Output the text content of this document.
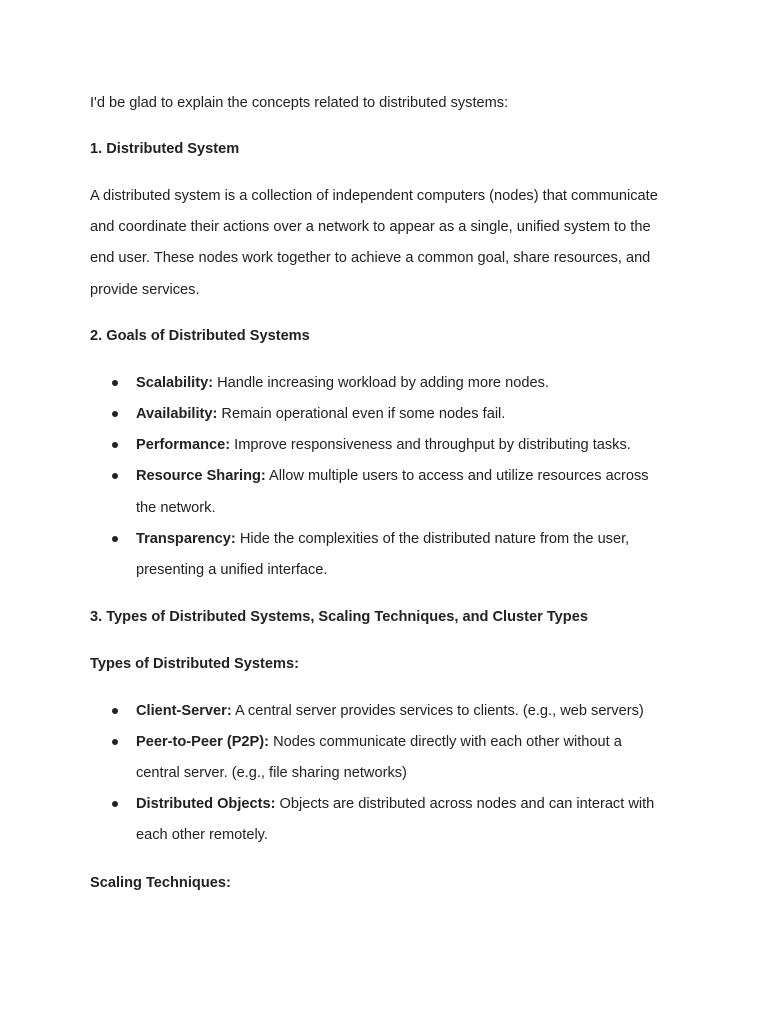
I'd be glad to explain the concepts related to distributed systems:
1. Distributed System
A distributed system is a collection of independent computers (nodes) that communicate
and coordinate their actions over a network to appear as a single, unified system to the
end user. These nodes work together to achieve a common goal, share resources, and
provide services.
2. Goals of Distributed Systems
Scalability: Handle increasing workload by adding more nodes.
Availability: Remain operational even if some nodes fail.
Performance: Improve responsiveness and throughput by distributing tasks.
Resource Sharing: Allow multiple users to access and utilize resources across
the network.
Transparency: Hide the complexities of the distributed nature from the user,
presenting a unified interface.
3. Types of Distributed Systems, Scaling Techniques, and Cluster Types
Types of Distributed Systems:
Client-Server: A central server provides services to clients. (e.g., web servers)
Peer-to-Peer (P2P): Nodes communicate directly with each other without a
central server. (e.g., file sharing networks)
Distributed Objects: Objects are distributed across nodes and can interact with
each other remotely.
Scaling Techniques:
